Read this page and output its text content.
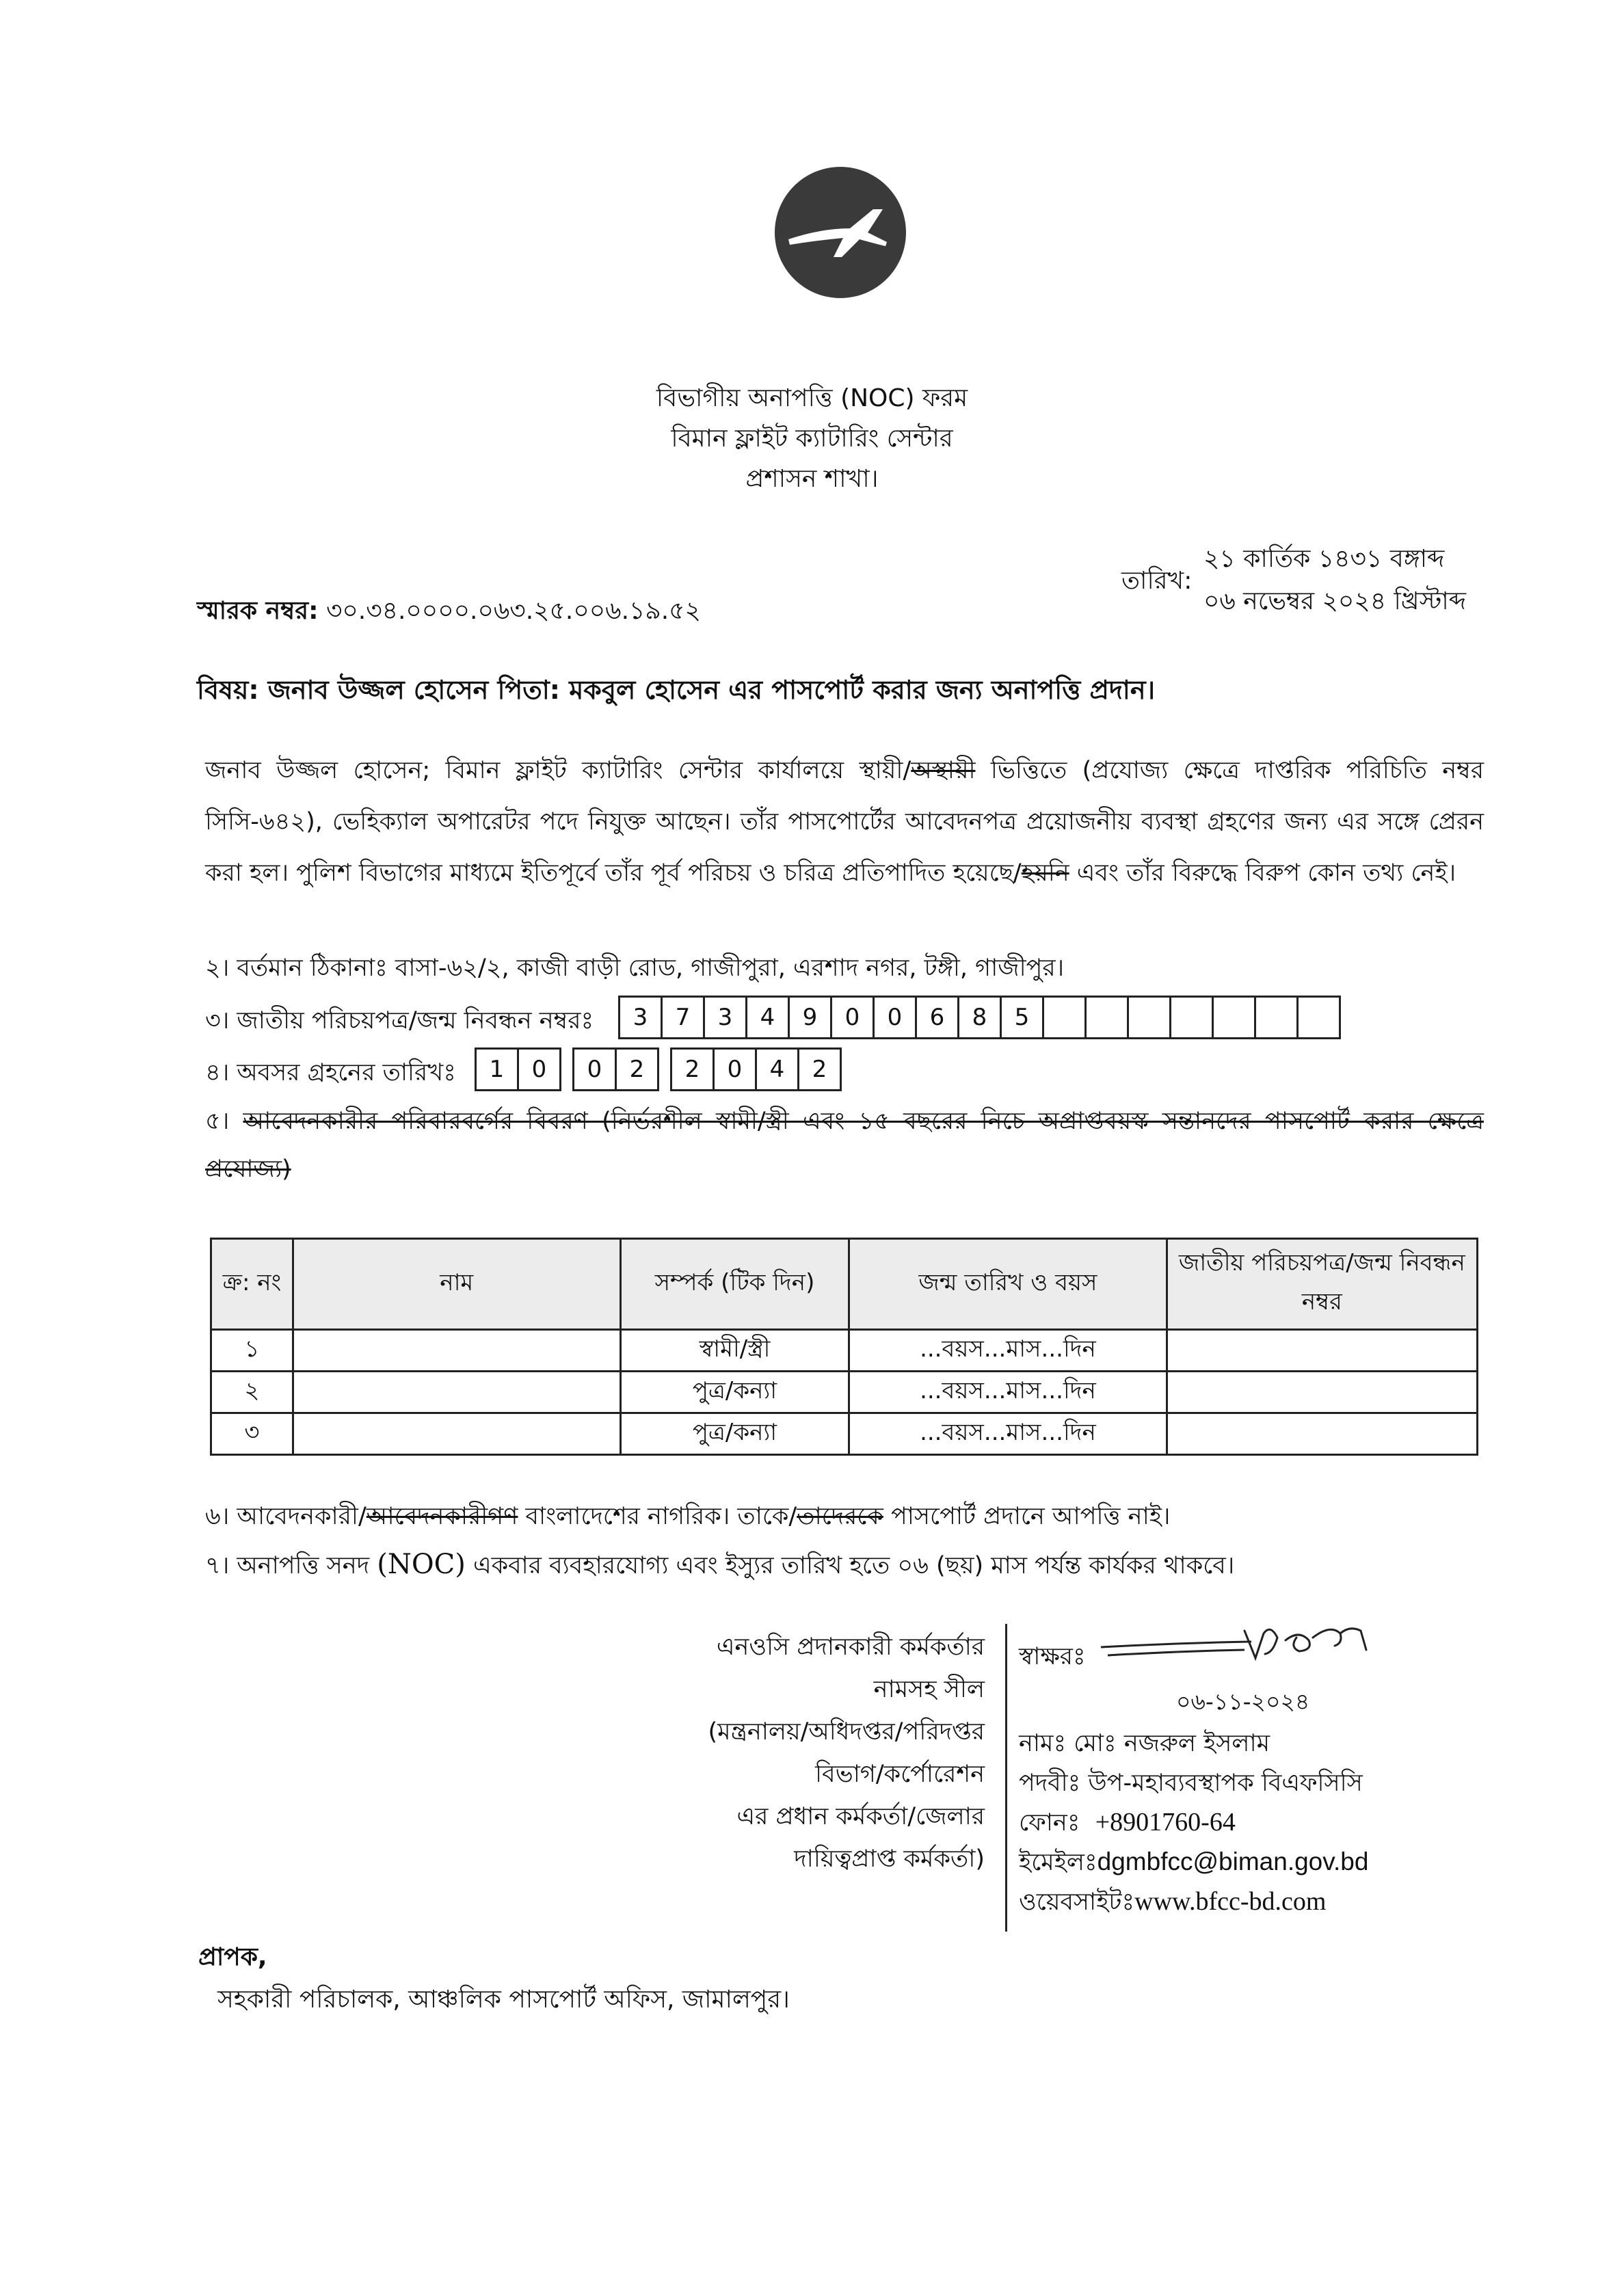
বিভাগীয় অনাপত্তি (NOC) ফরম
বিমান ফ্লাইট ক্যাটারিং সেন্টার
প্রশাসন শাখা।
তারিখ:
২১ কার্তিক ১৪৩১ বঙ্গাব্দ
০৬ নভেম্বর ২০২৪ খ্রিস্টাব্দ
স্মারক নম্বর: ৩০.৩৪.০০০০.০৬৩.২৫.০০৬.১৯.৫২
বিষয়: জনাব উজ্জল হোসেন পিতা: মকবুল হোসেন এর পাসপোর্ট করার জন্য অনাপত্তি প্রদান।
জনাব উজ্জল হোসেন; বিমান ফ্লাইট ক্যাটারিং সেন্টার কার্যালয়ে স্থায়ী/অস্থায়ী ভিত্তিতে (প্রযোজ্য ক্ষেত্রে দাপ্তরিক পরিচিতি নম্বর সিসি-৬৪২), ভেহিক্যাল অপারেটর পদে নিযুক্ত আছেন। তাঁর পাসপোর্টের আবেদনপত্র প্রয়োজনীয় ব্যবস্থা গ্রহণের জন্য এর সঙ্গে প্রেরন করা হল। পুলিশ বিভাগের মাধ্যমে ইতিপূর্বে তাঁর পূর্ব পরিচয় ও চরিত্র প্রতিপাদিত হয়েছে/হয়নি এবং তাঁর বিরুদ্ধে বিরুপ কোন তথ্য নেই।
২। বর্তমান ঠিকানাঃ বাসা-৬২/২, কাজী বাড়ী রোড, গাজীপুরা, এরশাদ নগর, টঙ্গী, গাজীপুর।
৩। জাতীয় পরিচয়পত্র/জন্ম নিবন্ধন নম্বরঃ	3	7	3	4	9	0	0	6	8	5
৪। অবসর গ্রহনের তারিখঃ	1	0	0	2	2	0	4	2
৫। আবেদনকারীর পরিবারবর্গের বিবরণ (নির্ভরশীল স্বামী/স্ত্রী এবং ১৫ বছরের নিচে অপ্রাপ্তবয়স্ক সন্তানদের পাসপোর্ট করার ক্ষেত্রে প্রযোজ্য)
ক্র: নং	নাম	সম্পর্ক (টিক দিন)	জন্ম তারিখ ও বয়স	জাতীয় পরিচয়পত্র/জন্ম নিবন্ধন নম্বর
১		স্বামী/স্ত্রী	...বয়স...মাস...দিন	
২		পুত্র/কন্যা	...বয়স...মাস...দিন	
৩		পুত্র/কন্যা	...বয়স...মাস...দিন	
৬। আবেদনকারী/আবেদনকারীগণ বাংলাদেশের নাগরিক। তাকে/তাদেরকে পাসপোর্ট প্রদানে আপত্তি নাই।
৭। অনাপত্তি সনদ (NOC) একবার ব্যবহারযোগ্য এবং ইস্যুর তারিখ হতে ০৬ (ছয়) মাস পর্যন্ত কার্যকর থাকবে।
এনওসি প্রদানকারী কর্মকর্তার
নামসহ সীল
(মন্ত্রনালয়/অধিদপ্তর/পরিদপ্তর
বিভাগ/কর্পোরেশন
এর প্রধান কর্মকর্তা/জেলার
দায়িত্বপ্রাপ্ত কর্মকর্তা)
স্বাক্ষরঃ
০৬-১১-২০২৪
নামঃ মোঃ নজরুল ইসলাম
পদবীঃ উপ-মহাব্যবস্থাপক বিএফসিসি
ফোনঃ +8901760-64
ইমেইলঃdgmbfcc@biman.gov.bd
ওয়েবসাইটঃwww.bfcc-bd.com
প্রাপক,
সহকারী পরিচালক, আঞ্চলিক পাসপোর্ট অফিস, জামালপুর।
